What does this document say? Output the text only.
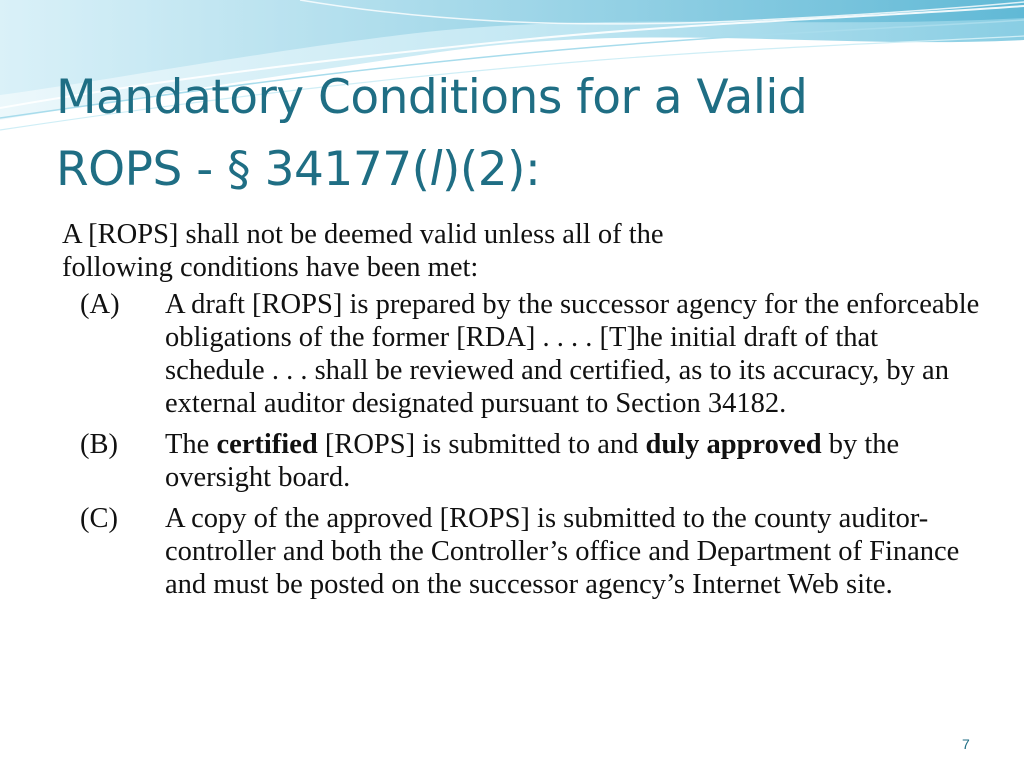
Mandatory Conditions for a Valid
ROPS - § 34177(l)(2):
A [ROPS] shall not be deemed valid unless all of the
following conditions have been met:
(A) A draft [ROPS] is prepared by the successor agency for the enforceable obligations of the former [RDA] . . . . [T]he initial draft of that schedule . . . shall be reviewed and certified, as to its accuracy, by an external auditor designated pursuant to Section 34182.
(B) The certified [ROPS] is submitted to and duly approved by the oversight board.
(C) A copy of the approved [ROPS] is submitted to the county auditor-controller and both the Controller’s office and Department of Finance and must be posted on the successor agency’s Internet Web site.
7
